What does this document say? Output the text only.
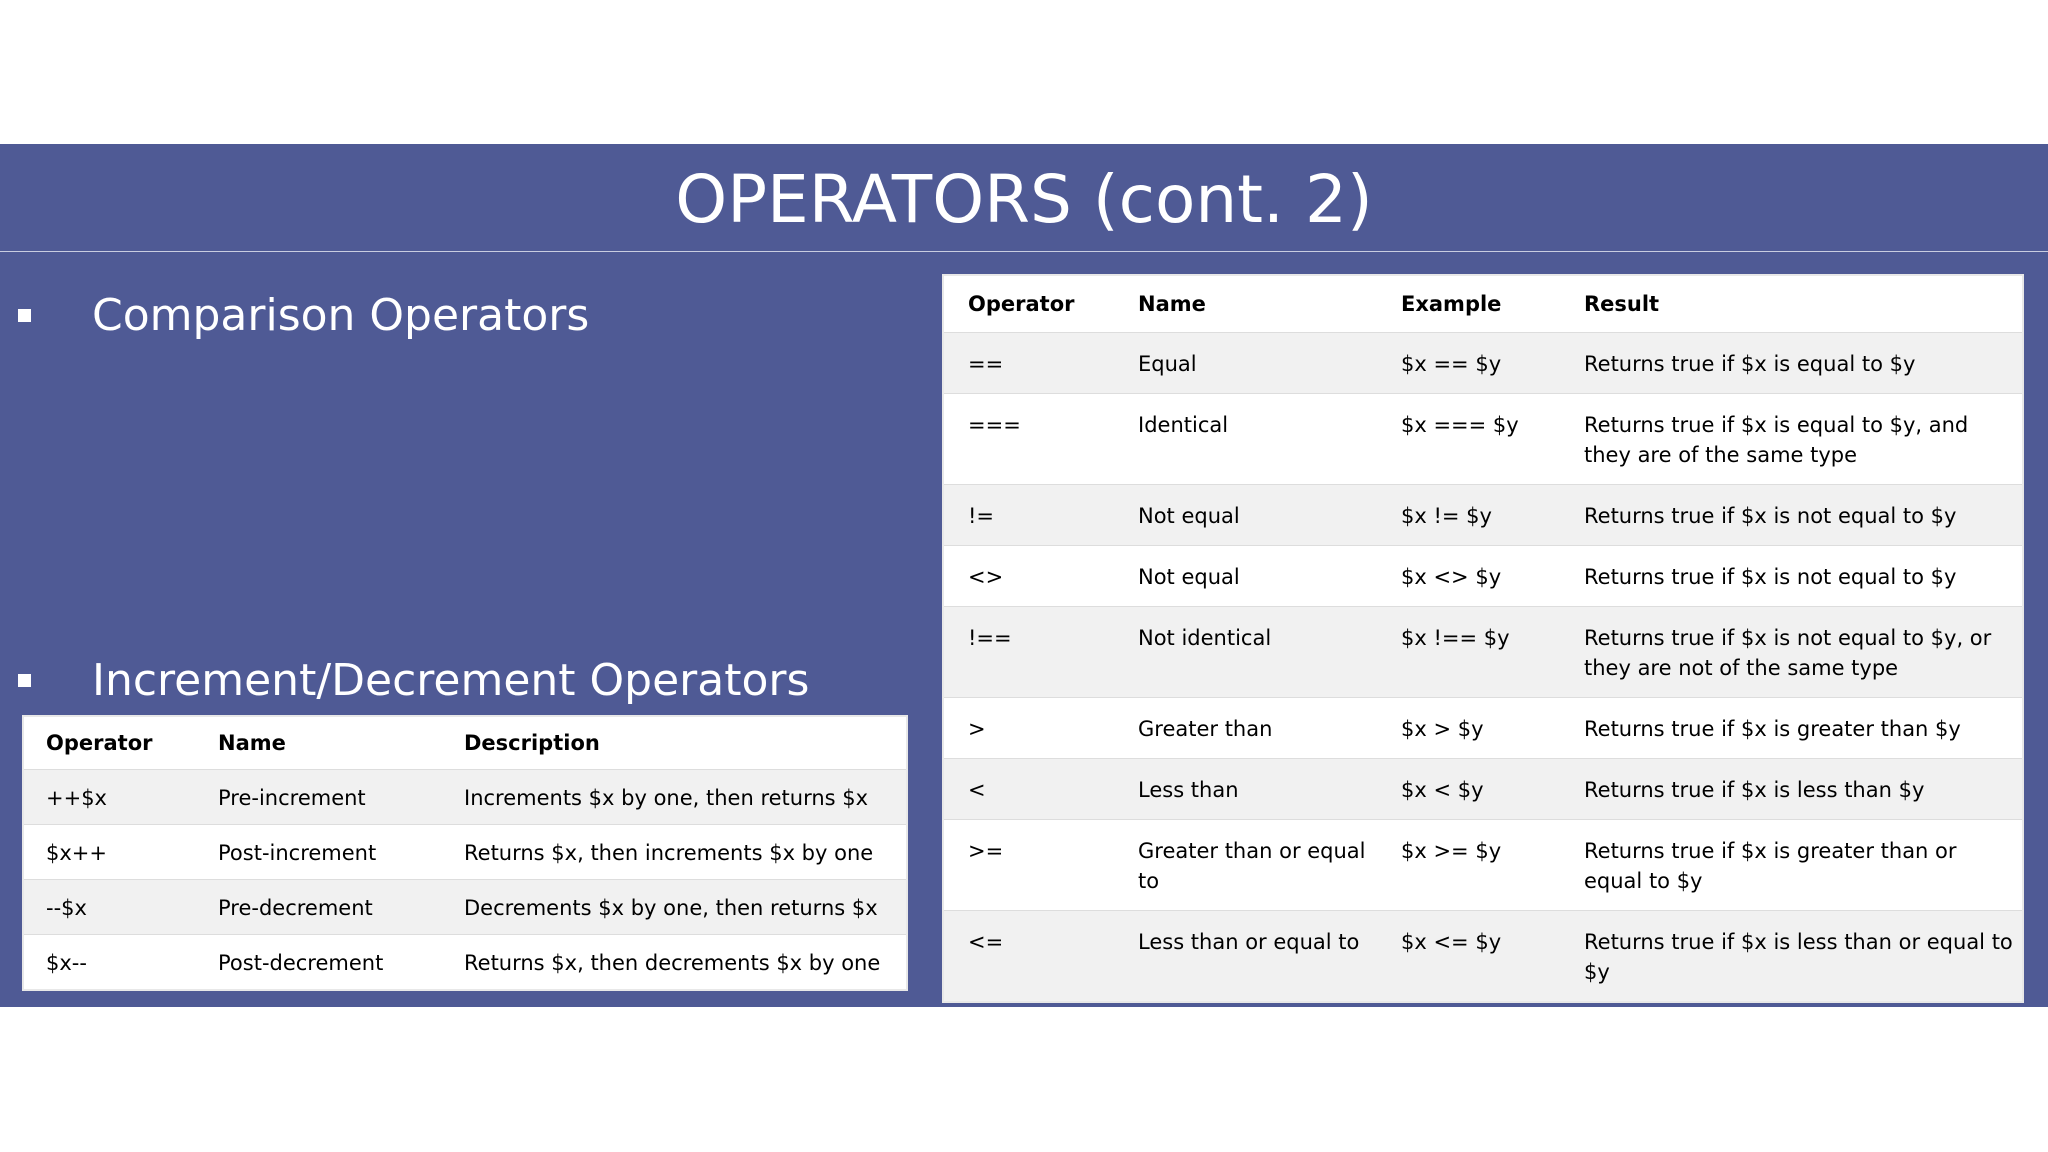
OPERATORS (cont. 2)
Comparison Operators
Increment/Decrement Operators
Operator	Name	Example	Result

==	Equal	$x == $y	Returns true if $x is equal to $y

===	Identical	$x === $y	Returns true if $x is equal to $y, and they are of the same type

!=	Not equal	$x != $y	Returns true if $x is not equal to $y

<>	Not equal	$x <> $y	Returns true if $x is not equal to $y

!==	Not identical	$x !== $y	Returns true if $x is not equal to $y, or they are not of the same type

>	Greater than	$x > $y	Returns true if $x is greater than $y

<	Less than	$x < $y	Returns true if $x is less than $y

>=	Greater than or equal to	$x >= $y	Returns true if $x is greater than or equal to $y

<=	Less than or equal to	$x <= $y	Returns true if $x is less than or equal to $y
Operator	Name	Description

++$x	Pre-increment	Increments $x by one, then returns $x

$x++	Post-increment	Returns $x, then increments $x by one

--$x	Pre-decrement	Decrements $x by one, then returns $x

$x--	Post-decrement	Returns $x, then decrements $x by one
